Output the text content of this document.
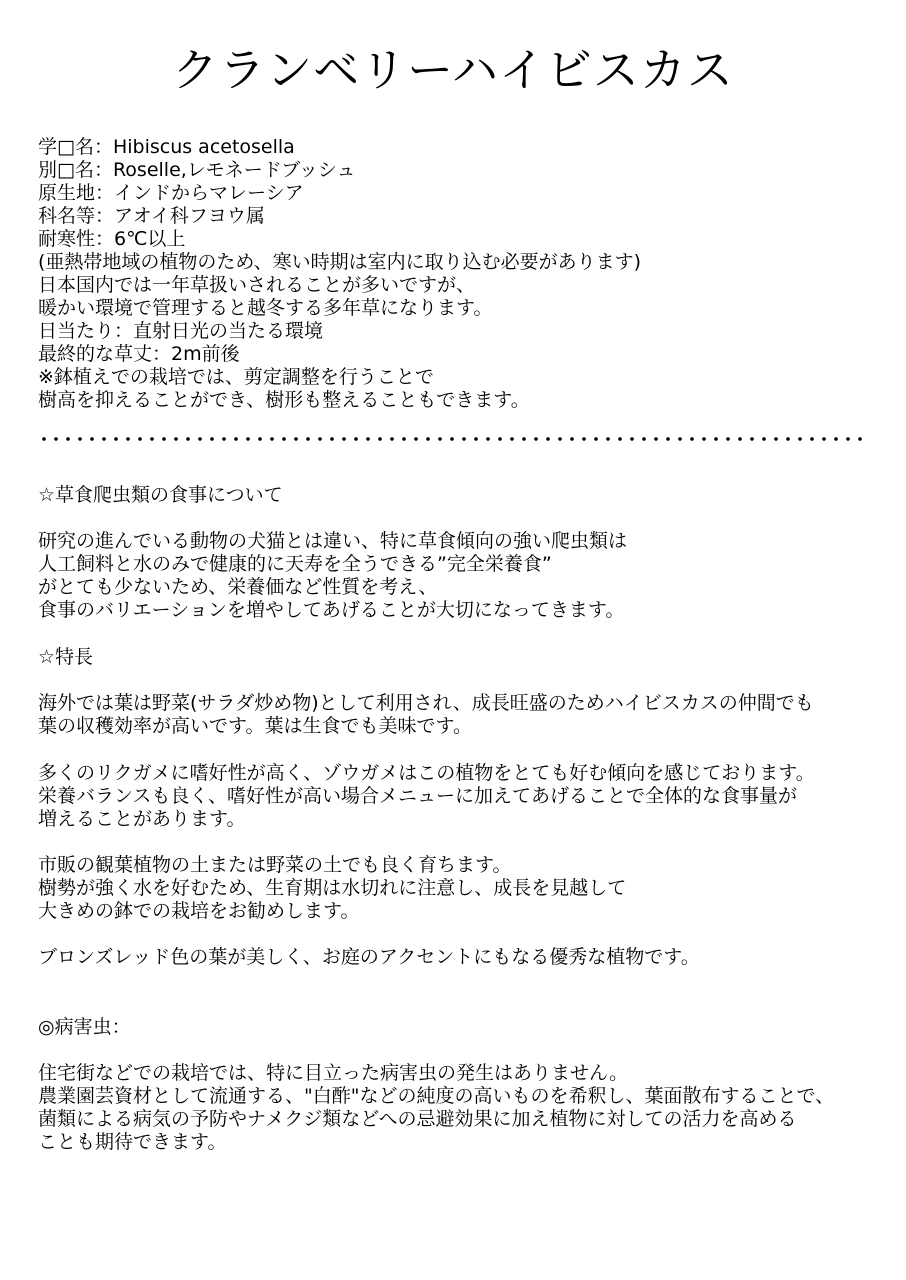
クランベリーハイビスカス
学□名：Hibiscus acetosella
別□名：Roselle,レモネードブッシュ
原生地：インドからマレーシア
科名等：アオイ科フヨウ属
耐寒性：6℃以上
(亜熱帯地域の植物のため、寒い時期は室内に取り込む必要があります)
日本国内では一年草扱いされることが多いですが、
暖かい環境で管理すると越冬する多年草になります。
日当たり：直射日光の当たる環境
最終的な草丈：2m前後
※鉢植えでの栽培では、剪定調整を行うことで
樹高を抑えることができ、樹形も整えることもできます。
☆草食爬虫類の食事について
研究の進んでいる動物の犬猫とは違い、特に草食傾向の強い爬虫類は
人工飼料と水のみで健康的に天寿を全うできる”完全栄養食”
がとても少ないため、栄養価など性質を考え、
食事のバリエーションを増やしてあげることが大切になってきます。
☆特長
海外では葉は野菜(サラダ炒め物)として利用され、成長旺盛のためハイビスカスの仲間でも
葉の収穫効率が高いです。葉は生食でも美味です。
多くのリクガメに嗜好性が高く、ゾウガメはこの植物をとても好む傾向を感じております。
栄養バランスも良く、嗜好性が高い場合メニューに加えてあげることで全体的な食事量が
増えることがあります。
市販の観葉植物の土または野菜の土でも良く育ちます。
樹勢が強く水を好むため、生育期は水切れに注意し、成長を見越して
大きめの鉢での栽培をお勧めします。
ブロンズレッド色の葉が美しく、お庭のアクセントにもなる優秀な植物です。
◎病害虫：
住宅街などでの栽培では、特に目立った病害虫の発生はありません。
農業園芸資材として流通する、"白酢"などの純度の高いものを希釈し、葉面散布することで、
菌類による病気の予防やナメクジ類などへの忌避効果に加え植物に対しての活力を高める
ことも期待できます。
